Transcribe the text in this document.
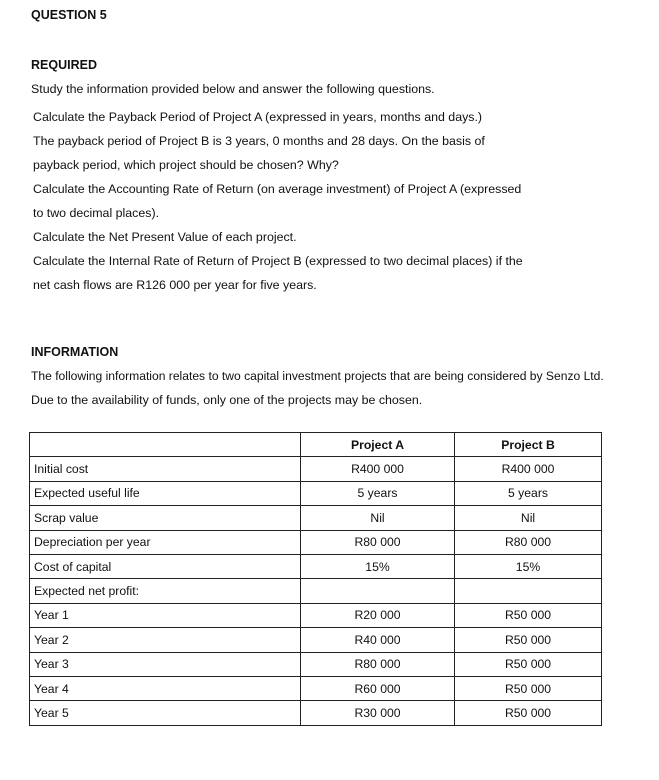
QUESTION 5
REQUIRED
Study the information provided below and answer the following questions.
Calculate the Payback Period of Project A (expressed in years, months and days.)
The payback period of Project B is 3 years, 0 months and 28 days. On the basis of
payback period, which project should be chosen? Why?
Calculate the Accounting Rate of Return (on average investment) of Project A (expressed
to two decimal places).
Calculate the Net Present Value of each project.
Calculate the Internal Rate of Return of Project B (expressed to two decimal places) if the
net cash flows are R126 000 per year for five years.
INFORMATION
The following information relates to two capital investment projects that are being considered by Senzo Ltd.
Due to the availability of funds, only one of the projects may be chosen.
	Project A	Project B
Initial cost	R400 000	R400 000
Expected useful life	5 years	5 years
Scrap value	Nil	Nil
Depreciation per year	R80 000	R80 000
Cost of capital	15%	15%
Expected net profit:		
Year 1	R20 000	R50 000
Year 2	R40 000	R50 000
Year 3	R80 000	R50 000
Year 4	R60 000	R50 000
Year 5	R30 000	R50 000
